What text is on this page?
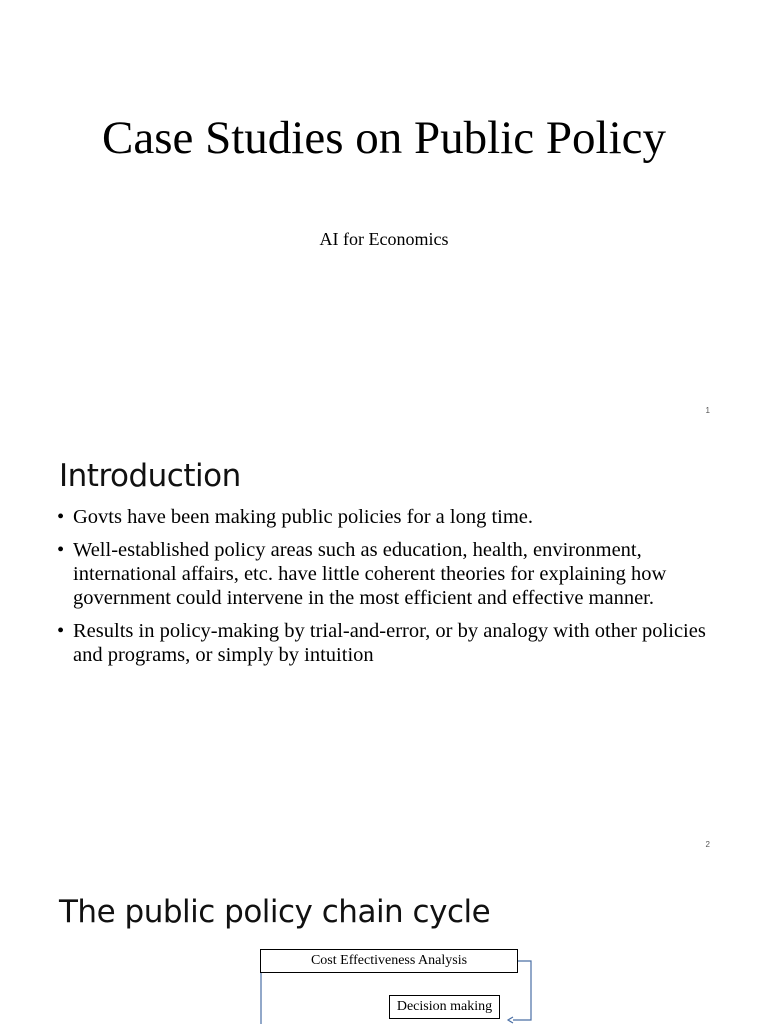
Case Studies on Public Policy
AI for Economics
1
Introduction
• Govts have been making public policies for a long time.
• Well-established policy areas such as education, health, environment, international affairs, etc. have little coherent theories for explaining how government could intervene in the most efficient and effective manner.
• Results in policy-making by trial-and-error, or by analogy with other policies and programs, or simply by intuition
2
The public policy chain cycle
Cost Effectiveness Analysis
Decision making
